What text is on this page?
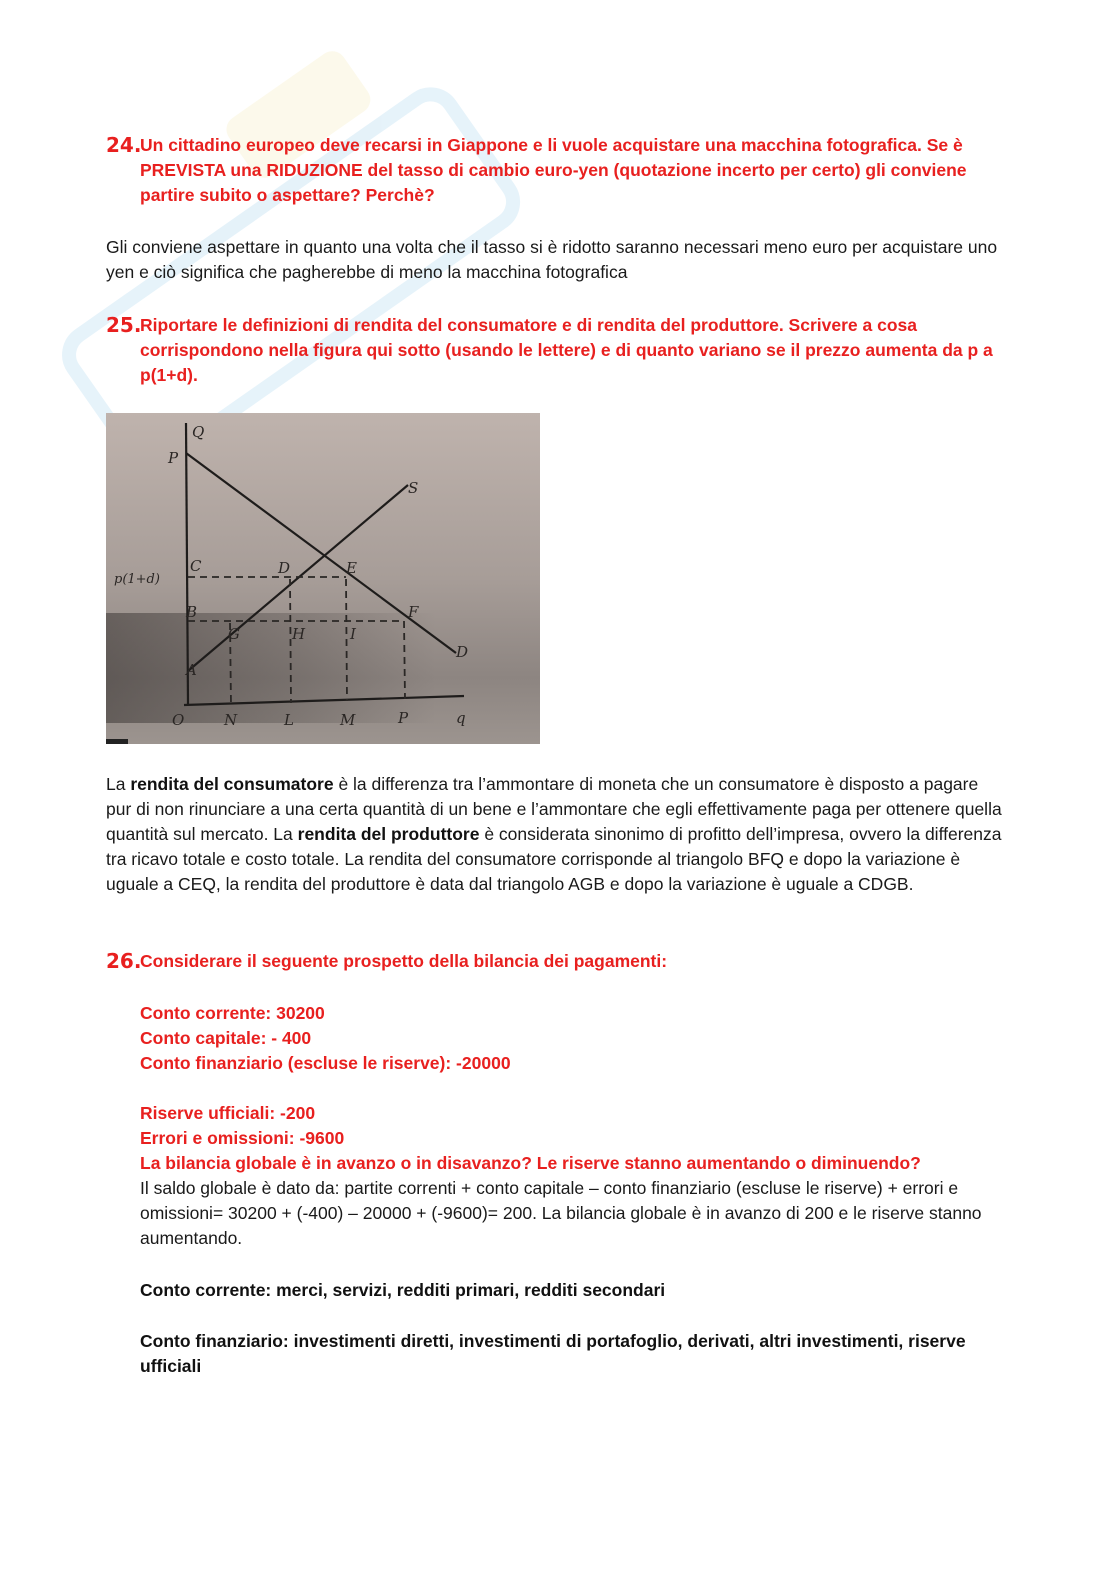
24.
Un cittadino europeo deve recarsi in Giappone e li vuole acquistare una macchina fotografica. Se è PREVISTA una RIDUZIONE del tasso di cambio euro-yen (quotazione incerto per certo) gli conviene partire subito o aspettare? Perchè?
Gli conviene aspettare in quanto una volta che il tasso si è ridotto saranno necessari meno euro per acquistare uno yen e ciò significa che pagherebbe di meno la macchina fotografica
25.
Riportare le definizioni di rendita del consumatore e di rendita del produttore. Scrivere a cosa corrispondono nella figura qui sotto (usando le lettere) e di quanto variano se il prezzo aumenta da p a p(1+d).
Q
P
S
D
p(1+d)
C
B
A
D	E
F
G	H	I
O	N	L	M	P	q
La rendita del consumatore è la differenza tra l’ammontare di moneta che un consumatore è disposto a pagare pur di non rinunciare a una certa quantità di un bene e l’ammontare che egli effettivamente paga per ottenere quella quantità sul mercato. La rendita del produttore è considerata sinonimo di profitto dell’impresa, ovvero la differenza tra ricavo totale e costo totale. La rendita del consumatore corrisponde al triangolo BFQ e dopo la variazione è uguale a CEQ, la rendita del produttore è data dal triangolo AGB e dopo la variazione è uguale a CDGB.
26.
Considerare il seguente prospetto della bilancia dei pagamenti:
Conto corrente: 30200
Conto capitale: - 400
Conto finanziario (escluse le riserve): -20000
Riserve ufficiali: -200
Errori e omissioni: -9600
La bilancia globale è in avanzo o in disavanzo? Le riserve stanno aumentando o diminuendo?
Il saldo globale è dato da: partite correnti + conto capitale – conto finanziario (escluse le riserve) + errori e omissioni= 30200 + (-400) – 20000 + (-9600)= 200. La bilancia globale è in avanzo di 200 e le riserve stanno aumentando.
Conto corrente: merci, servizi, redditi primari, redditi secondari
Conto finanziario: investimenti diretti, investimenti di portafoglio, derivati, altri investimenti, riserve ufficiali
